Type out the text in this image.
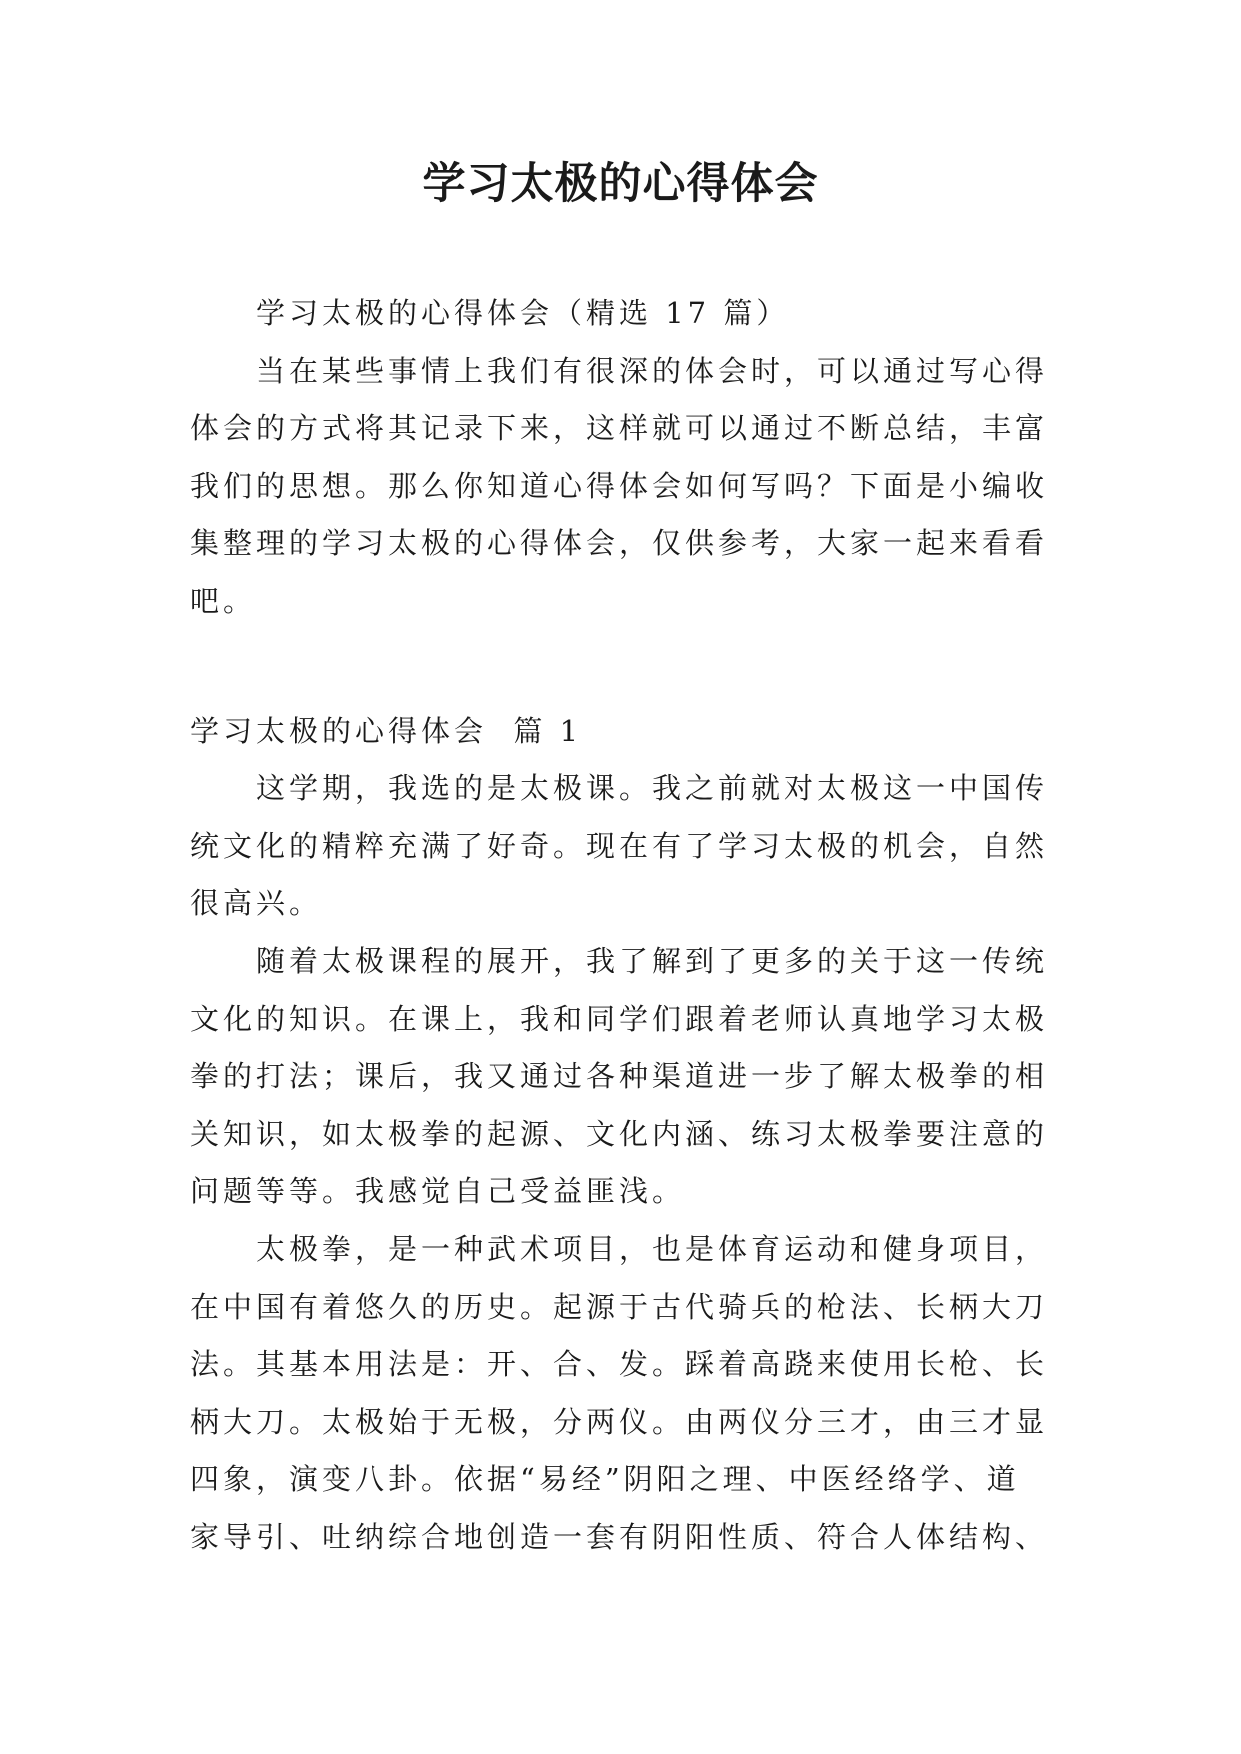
学习太极的心得体会
学习太极的心得体会（精选 17 篇）
当在某些事情上我们有很深的体会时，可以通过写心得
体会的方式将其记录下来，这样就可以通过不断总结，丰富
我们的思想。那么你知道心得体会如何写吗？下面是小编收
集整理的学习太极的心得体会，仅供参考，大家一起来看看
吧。
学习太极的心得体会  篇 1
这学期，我选的是太极课。我之前就对太极这一中国传
统文化的精粹充满了好奇。现在有了学习太极的机会，自然
很高兴。
随着太极课程的展开，我了解到了更多的关于这一传统
文化的知识。在课上，我和同学们跟着老师认真地学习太极
拳的打法；课后，我又通过各种渠道进一步了解太极拳的相
关知识，如太极拳的起源、文化内涵、练习太极拳要注意的
问题等等。我感觉自己受益匪浅。
太极拳，是一种武术项目，也是体育运动和健身项目，
在中国有着悠久的历史。起源于古代骑兵的枪法、长柄大刀
法。其基本用法是：开、合、发。踩着高跷来使用长枪、长
柄大刀。太极始于无极，分两仪。由两仪分三才，由三才显
四象，演变八卦。依据“易经”阴阳之理、中医经络学、道
家导引、吐纳综合地创造一套有阴阳性质、符合人体结构、
